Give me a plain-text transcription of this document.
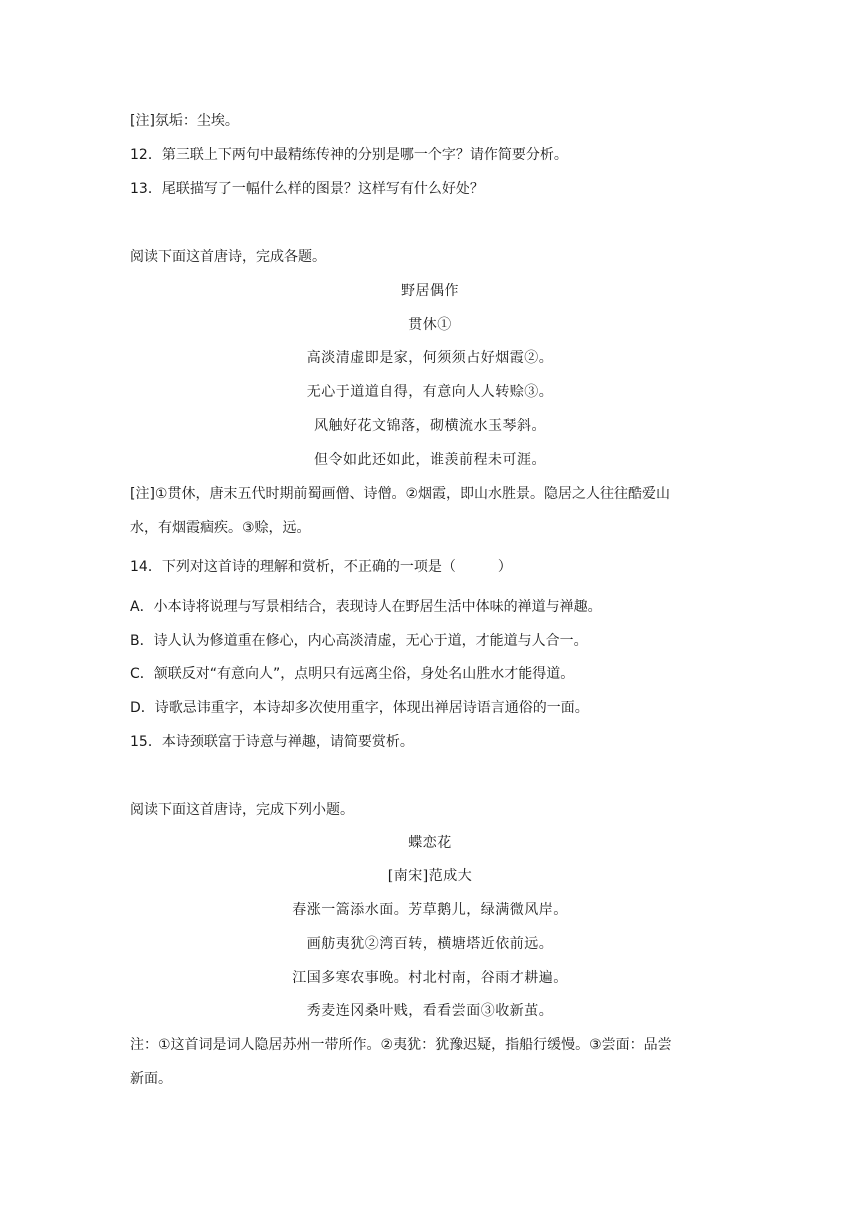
[注]氛垢：尘埃。
12．第三联上下两句中最精练传神的分别是哪一个字？请作简要分析。
13．尾联描写了一幅什么样的图景？这样写有什么好处？
阅读下面这首唐诗，完成各题。
野居偶作
贯休①
高淡清虚即是家，何须须占好烟霞②。
无心于道道自得，有意向人人转赊③。
风触好花文锦落，砌横流水玉琴斜。
但令如此还如此，谁羡前程未可涯。
[注]①贯休，唐末五代时期前蜀画僧、诗僧。②烟霞，即山水胜景。隐居之人往往酷爱山
水，有烟霞痼疾。③赊，远。
14．下列对这首诗的理解和赏析，不正确的一项是（　　　）
A．小本诗将说理与写景相结合，表现诗人在野居生活中体味的禅道与禅趣。
B．诗人认为修道重在修心，内心高淡清虚，无心于道，才能道与人合一。
C．颔联反对“有意向人”，点明只有远离尘俗，身处名山胜水才能得道。
D．诗歌忌讳重字，本诗却多次使用重字，体现出禅居诗语言通俗的一面。
15．本诗颈联富于诗意与禅趣，请简要赏析。
阅读下面这首唐诗，完成下列小题。
蝶恋花
[南宋]范成大
春涨一篙添水面。芳草鹅儿，绿满微风岸。
画舫夷犹②湾百转，横塘塔近依前远。
江国多寒农事晚。村北村南，谷雨才耕遍。
秀麦连冈桑叶贱，看看尝面③收新茧。
注：①这首词是词人隐居苏州一带所作。②夷犹：犹豫迟疑，指船行缓慢。③尝面：品尝
新面。
